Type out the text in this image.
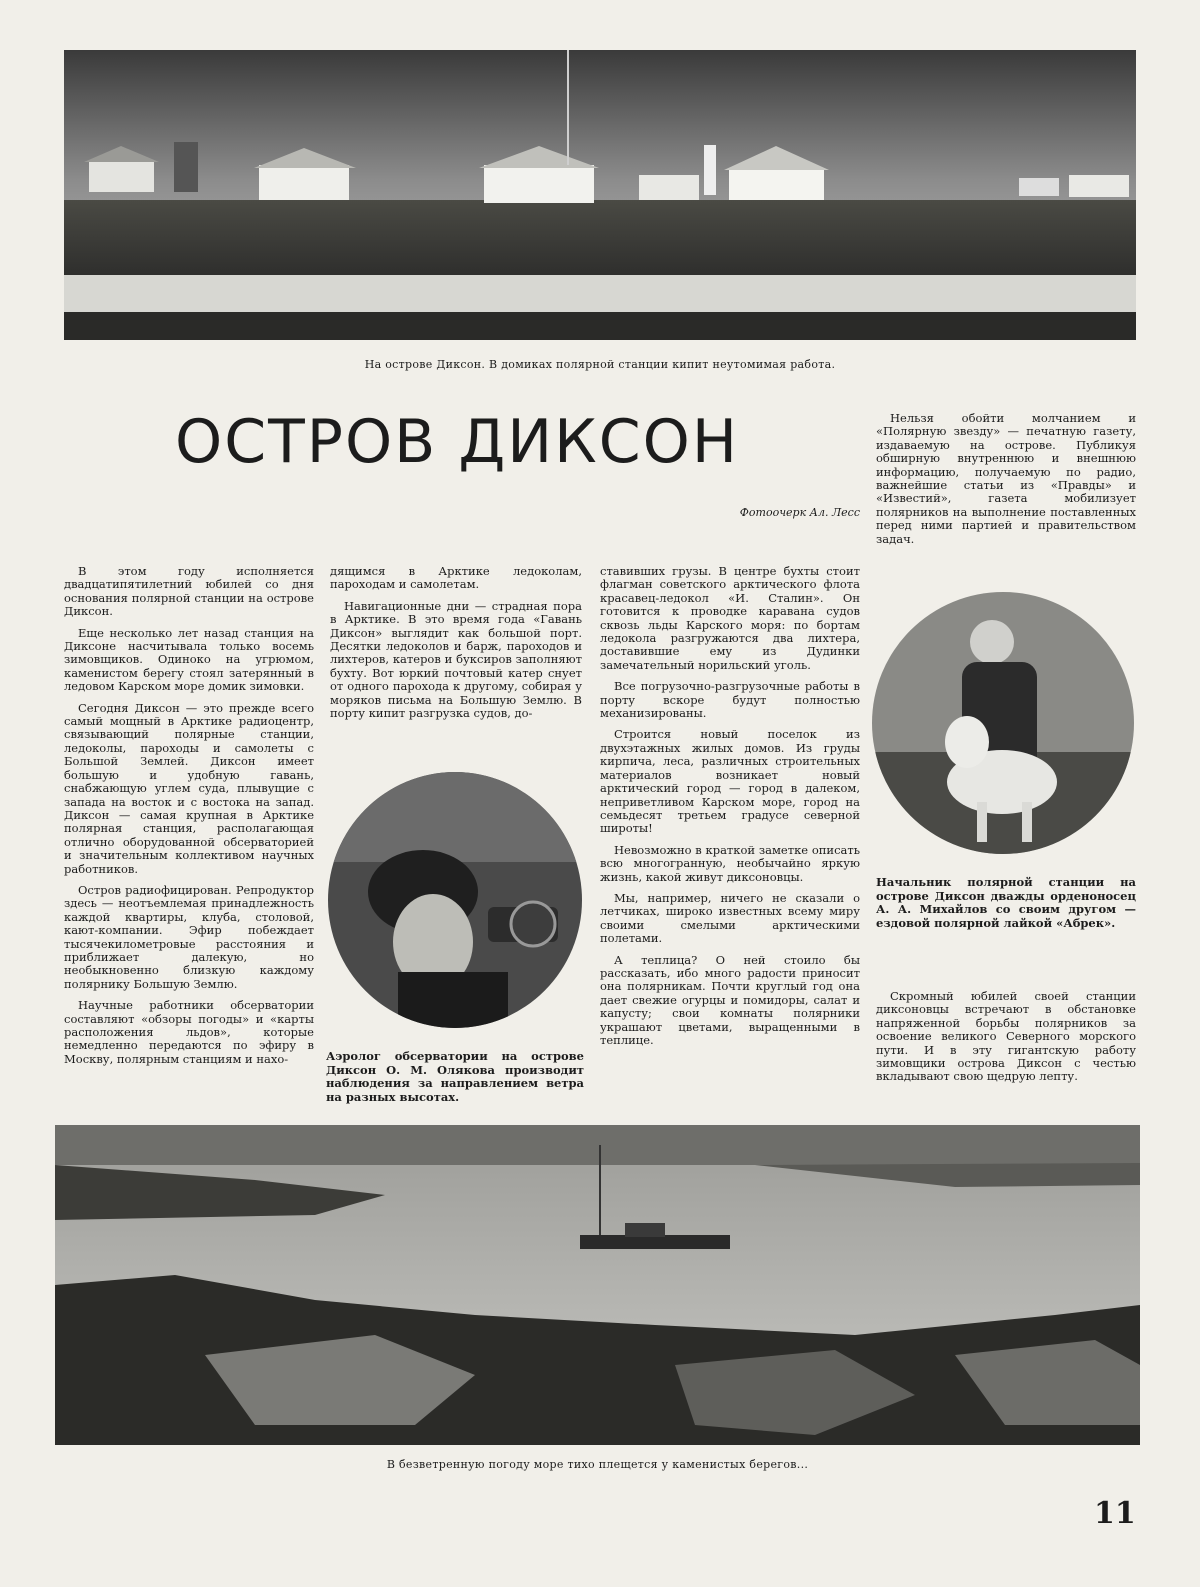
На острове Диксон. В домиках полярной станции кипит неутомимая работа.
ОСТРОВ ДИКСОН
Фотоочерк Ал. Лесс

В этом году исполняется двадцатипятилетний юбилей со дня основания полярной станции на острове Диксон.

Еще несколько лет назад станция на Диксоне насчитывала только восемь зимовщиков. Одиноко на угрюмом, каменистом берегу стоял затерянный в ледовом Карском море домик зимовки.

Сегодня Диксон — это прежде всего самый мощный в Арктике радиоцентр, связывающий полярные станции, ледоколы, пароходы и самолеты с Большой Землей. Диксон имеет большую и удобную гавань, снабжающую углем суда, плывущие с запада на восток и с востока на запад. Диксон — самая крупная в Арктике полярная станция, располагающая отлично оборудованной обсерваторией и значительным коллективом научных работников.

Остров радиофицирован. Репродуктор здесь — неотъемлемая принадлежность каждой квартиры, клуба, столовой, кают-компании. Эфир побеждает тысячекилометровые расстояния и приближает далекую, но необыкновенно близкую каждому полярнику Большую Землю.

Научные работники обсерватории составляют «обзоры погоды» и «карты расположения льдов», которые немедленно передаются по эфиру в Москву, полярным станциям и нахо-

дящимся в Арктике ледоколам, пароходам и самолетам.

Навигационные дни — страдная пора в Арктике. В это время года «Гавань Диксон» выглядит как большой порт. Десятки ледоколов и барж, пароходов и лихтеров, катеров и буксиров заполняют бухту. Вот юркий почтовый катер снует от одного парохода к другому, собирая у моряков письма на Большую Землю. В порту кипит разгрузка судов, до-

Аэролог обсерватории на острове Диксон О. М. Олякова производит наблюдения за направлением ветра на разных высотах.

ставивших грузы. В центре бухты стоит флагман советского арктического флота красавец-ледокол «И. Сталин». Он готовится к проводке каравана судов сквозь льды Карского моря: по бортам ледокола разгружаются два лихтера, доставившие ему из Дудинки замечательный норильский уголь.

Все погрузочно-разгрузочные работы в порту вскоре будут полностью механизированы.

Строится новый поселок из двухэтажных жилых домов. Из груды кирпича, леса, различных строительных материалов возникает новый арктический город — город в далеком, неприветливом Карском море, город на семьдесят третьем градусе северной широты!

Невозможно в краткой заметке описать всю многогранную, необычайно яркую жизнь, какой живут диксоновцы.

Мы, например, ничего не сказали о летчиках, широко известных всему миру своими смелыми арктическими полетами.

А теплица? О ней стоило бы рассказать, ибо много радости приносит она полярникам. Почти круглый год она дает свежие огурцы и помидоры, салат и капусту; свои комнаты полярники украшают цветами, выращенными в теплице.

Нельзя обойти молчанием и «Полярную звезду» — печатную газету, издаваемую на острове. Публикуя обширную внутреннюю и внешнюю информацию, получаемую по радио, важнейшие статьи из «Правды» и «Известий», газета мобилизует полярников на выполнение поставленных перед ними партией и правительством задач.

Начальник полярной станции на острове Диксон дважды орденоносец А. А. Михайлов со своим другом — ездовой полярной лайкой «Абрек».

Скромный юбилей своей станции диксоновцы встречают в обстановке напряженной борьбы полярников за освоение великого Северного морского пути. И в эту гигантскую работу зимовщики острова Диксон с честью вкладывают свою щедрую лепту.

В безветренную погоду море тихо плещется у каменистых берегов...
11
